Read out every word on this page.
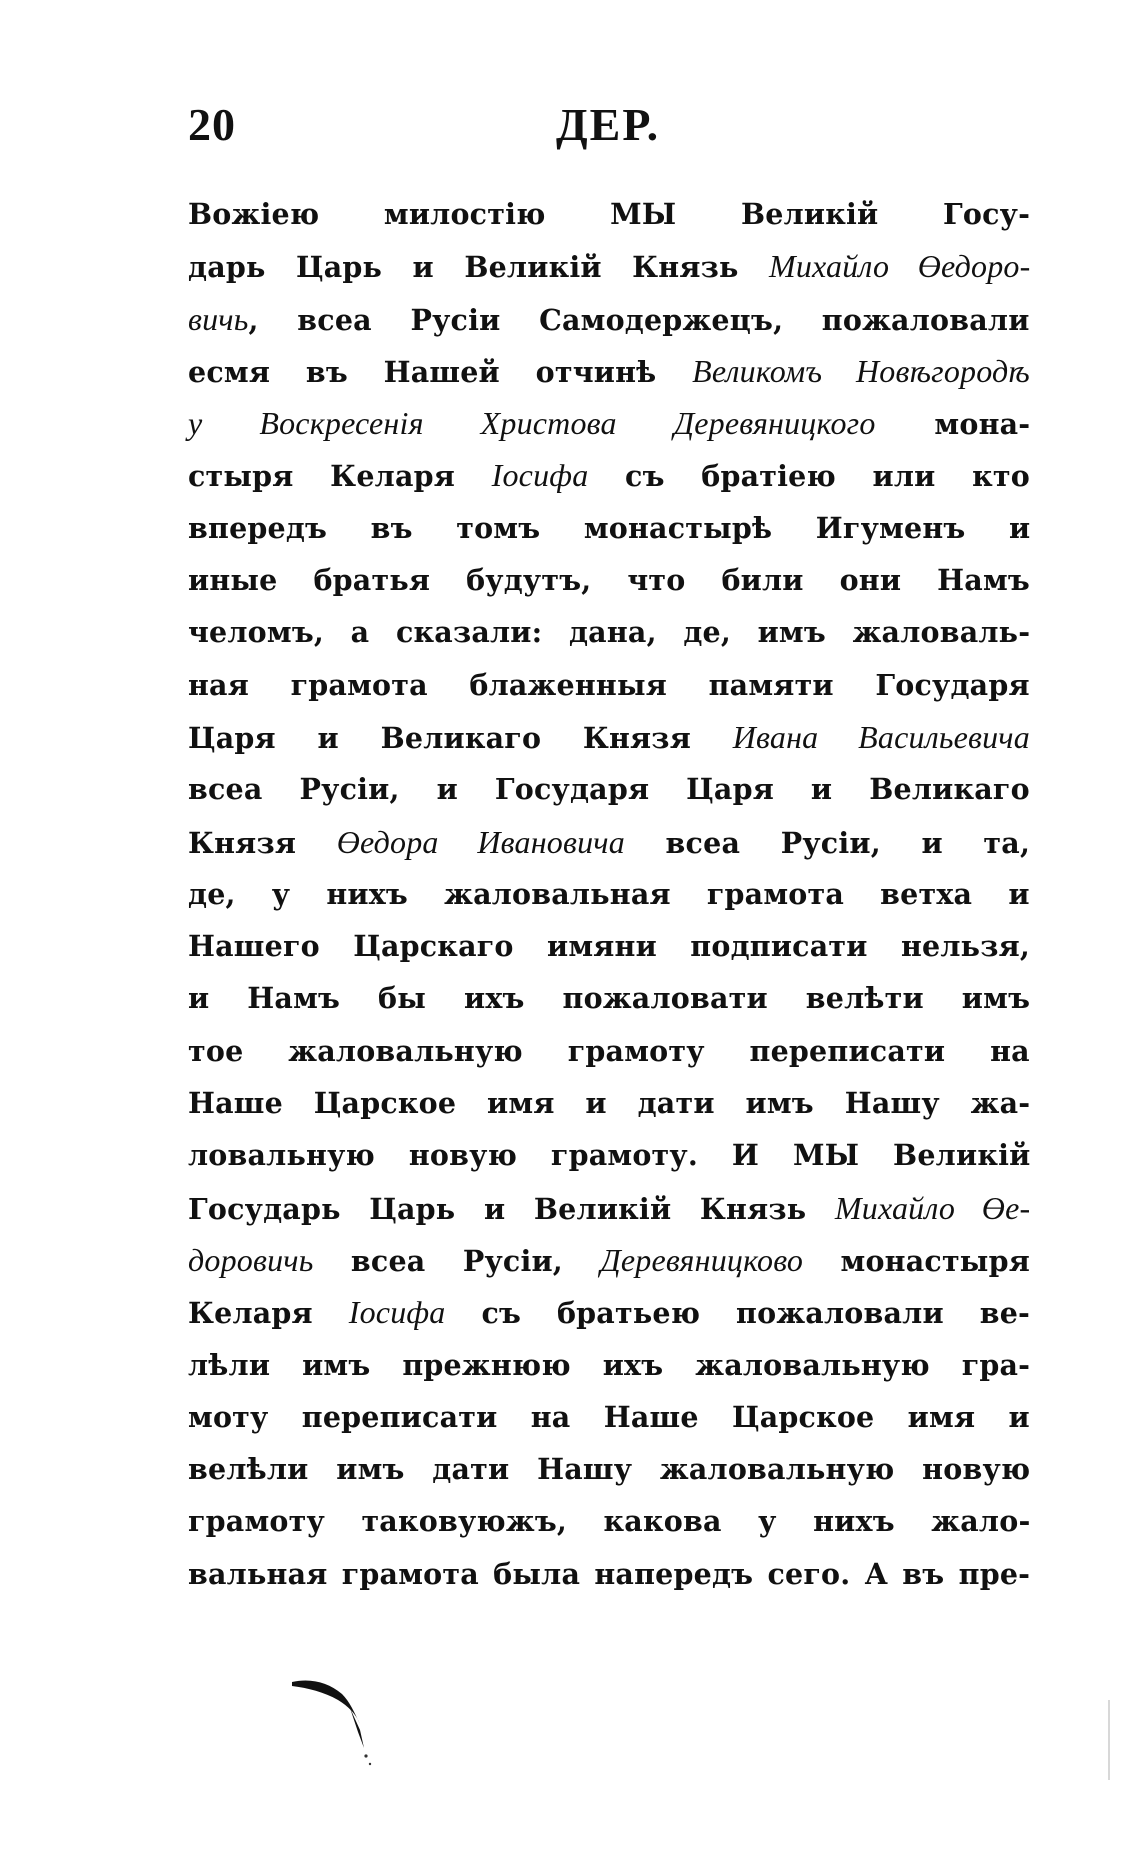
20	ДЕР.
Вожіею милостію МЫ Великій Госу-
дарь Царь и Великій Князь Михайло Өедоро-
вичь, всеа Русіи Самодержецъ, пожаловали
есмя въ Нашей отчинѣ Великомъ Новѣгородѣ
у Воскресенія Христова Деревяницкого мона-
стыря Келаря Іосифа съ братіею или кто
впередъ въ томъ монастырѣ Игуменъ и
иные братья будутъ, что били они Намъ
челомъ, а сказали: дана, де, имъ жаловаль-
ная грамота блаженныя памяти Государя
Царя и Великаго Князя Ивана Васильевича
всеа Русіи, и Государя Царя и Великаго
Князя Өедора Ивановича всеа Русіи, и та,
де, у нихъ жаловальная грамота ветха и
Нашего Царскаго имяни подписати нельзя,
и Намъ бы ихъ пожаловати велѣти имъ
тое жаловальную грамоту переписати на
Наше Царское имя и дати имъ Нашу жа-
ловальную новую грамоту. И МЫ Великій
Государь Царь и Великій Князь Михайло Өе-
доровичь всеа Русіи, Деревяницково монастыря
Келаря Іосифа съ братьею пожаловали ве-
лѣли имъ прежнюю ихъ жаловальную гра-
мoту переписати на Наше Царское имя и
велѣли имъ дати Нашу жаловальную новую
грамоту таковуюжъ, какова у нихъ жало-
вальная грамота была напередъ сего. А въ пре-
